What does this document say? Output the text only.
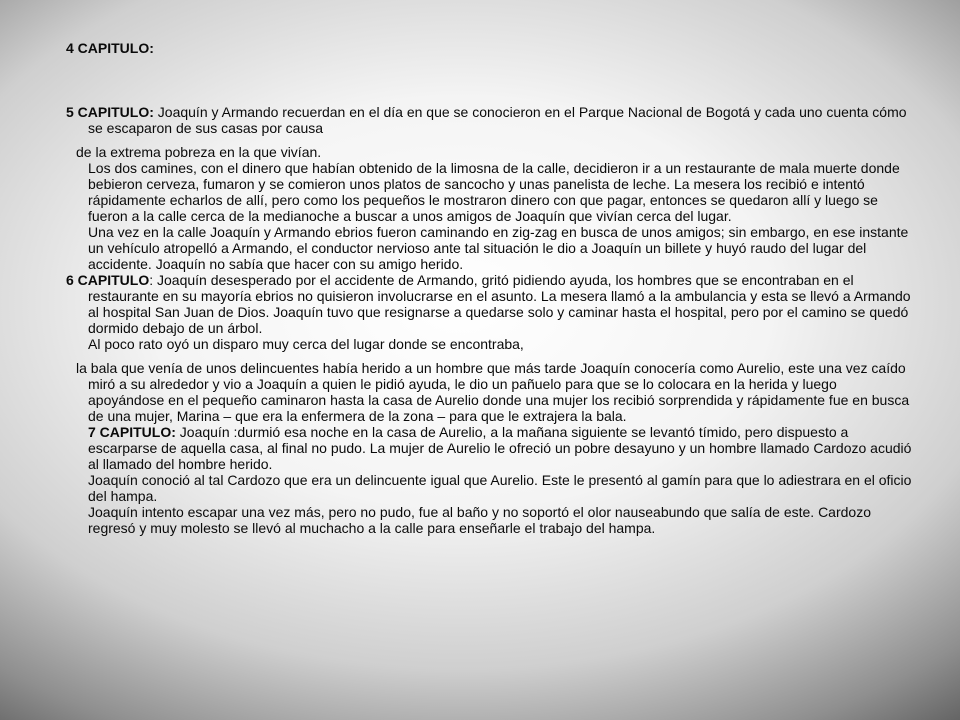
4 CAPITULO:

5 CAPITULO: Joaquín y Armando recuerdan en el día en que se conocieron en el Parque Nacional de Bogotá y cada uno cuenta cómo se escaparon de sus casas por causa

de la extrema pobreza en la que vivían.

Los dos camines, con el dinero que habían obtenido de la limosna de la calle, decidieron ir a un restaurante de mala muerte donde bebieron cerveza, fumaron y se comieron unos platos de sancocho y unas panelista de leche. La mesera los recibió e intentó rápidamente echarlos de allí, pero como los pequeños le mostraron dinero con que pagar, entonces se quedaron allí y luego se fueron a la calle cerca de la medianoche a buscar a unos amigos de Joaquín que vivían cerca del lugar.

Una vez en la calle Joaquín y Armando ebrios fueron caminando en zig-zag en busca de unos amigos; sin embargo, en ese instante un vehículo atropelló a Armando, el conductor nervioso ante tal situación le dio a Joaquín un billete y huyó raudo del lugar del accidente. Joaquín no sabía que hacer con su amigo herido.

6 CAPITULO: Joaquín desesperado por el accidente de Armando, gritó pidiendo ayuda, los hombres que se encontraban en el restaurante en su mayoría ebrios no quisieron involucrarse en el asunto. La mesera llamó a la ambulancia y esta se llevó a Armando al hospital San Juan de Dios. Joaquín tuvo que resignarse a quedarse solo y caminar hasta el hospital, pero por el camino se quedó dormido debajo de un árbol.

Al poco rato oyó un disparo muy cerca del lugar donde se encontraba,

la bala que venía de unos delincuentes había herido a un hombre que más tarde Joaquín conocería como Aurelio, este una vez caído miró a su alrededor y vio a Joaquín a quien le pidió ayuda, le dio un pañuelo para que se lo colocara en la herida y luego apoyándose en el pequeño caminaron hasta la casa de Aurelio donde una mujer los recibió sorprendida y rápidamente fue en busca de una mujer, Marina – que era la enfermera de la zona – para que le extrajera la bala.

7 CAPITULO: Joaquín :durmió esa noche en la casa de Aurelio, a la mañana siguiente se levantó tímido, pero dispuesto a escarparse de aquella casa, al final no pudo. La mujer de Aurelio le ofreció un pobre desayuno y un hombre llamado Cardozo acudió al llamado del hombre herido.

Joaquín conoció al tal Cardozo que era un delincuente igual que Aurelio. Este le presentó al gamín para que lo adiestrara en el oficio del hampa.

Joaquín intento escapar una vez más, pero no pudo, fue al baño y no soportó el olor nauseabundo que salía de este. Cardozo regresó y muy molesto se llevó al muchacho a la calle para enseñarle el trabajo del hampa.
